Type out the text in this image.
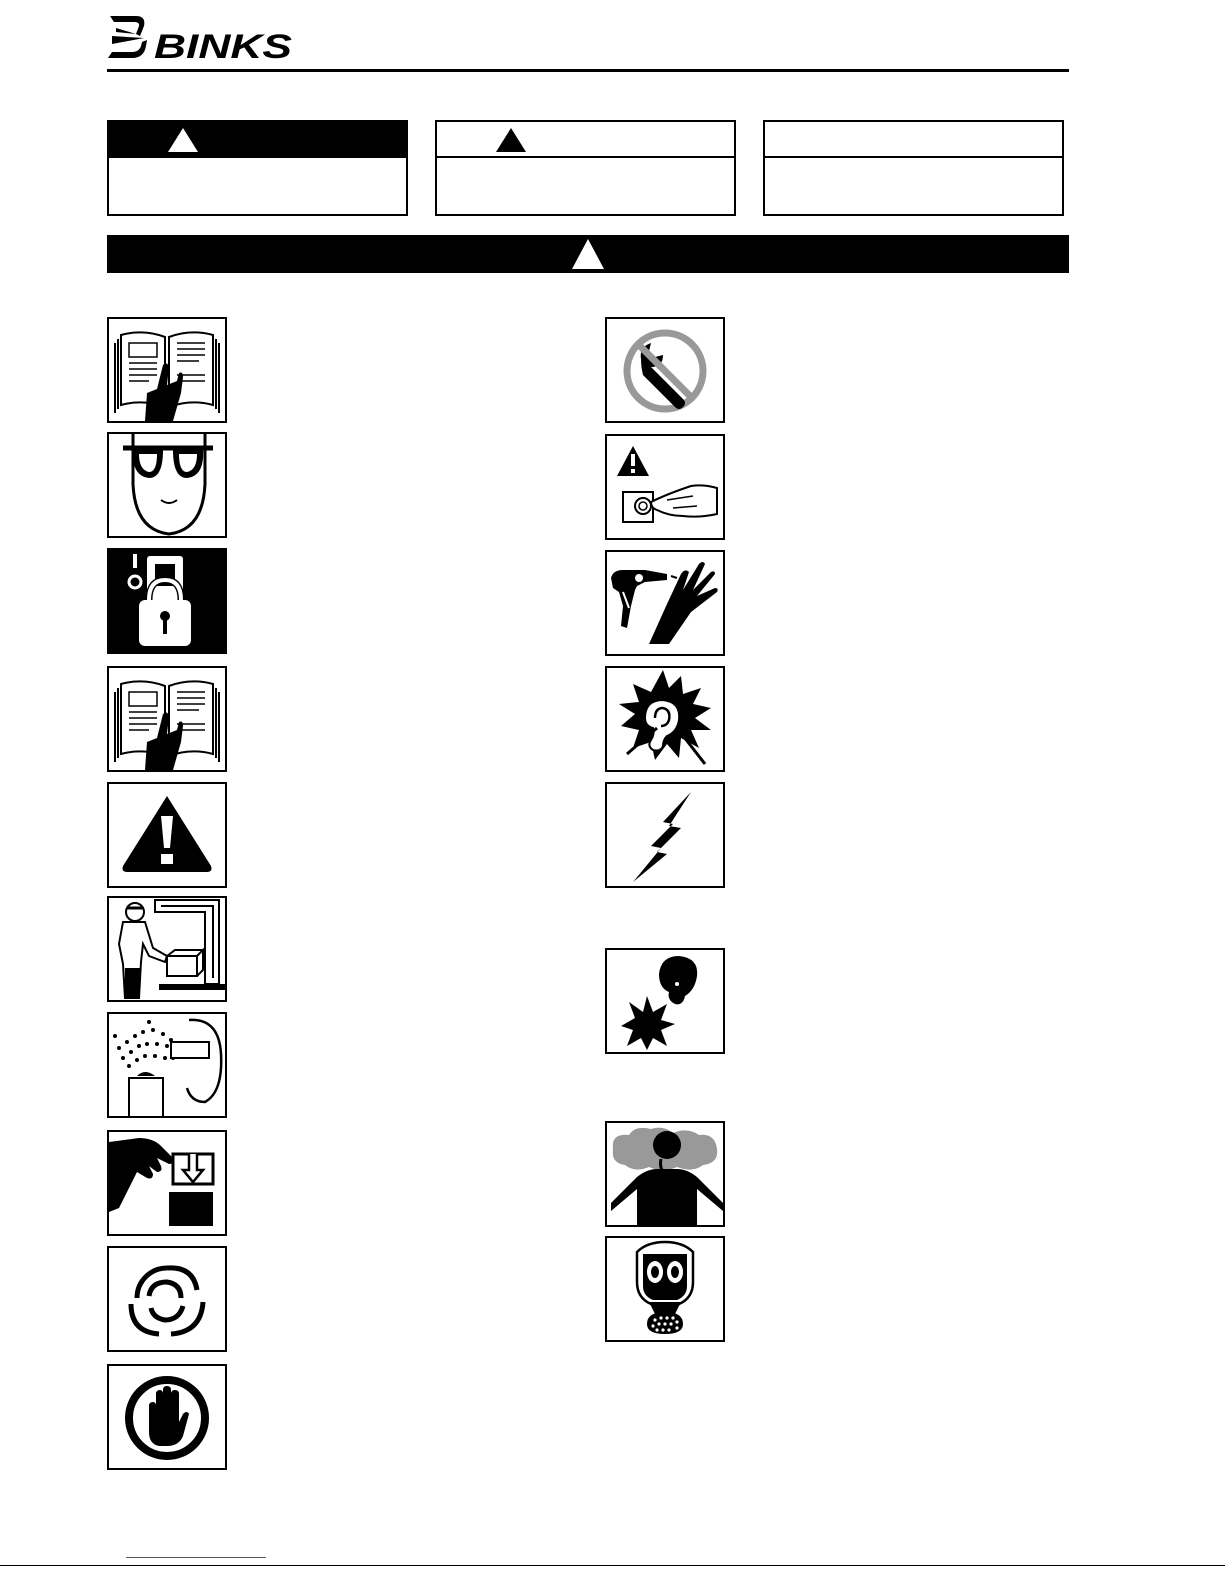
BINKS
